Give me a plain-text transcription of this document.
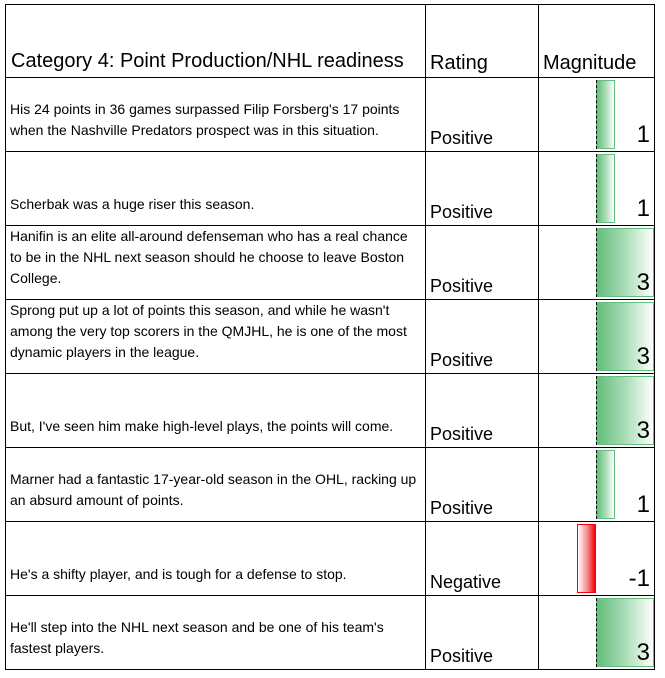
Category 4: Point Production/NHL readiness	Rating	Magnitude

His 24 points in 36 games surpassed Filip Forsberg's 17 points when the Nashville Predators prospect was in this situation.	Positive	1

Scherbak was a huge riser this season.	Positive	1

Hanifin is an elite all-around defenseman who has a real chance to be in the NHL next season should he choose to leave Boston College.	Positive	3

Sprong put up a lot of points this season, and while he wasn't among the very top scorers in the QMJHL, he is one of the most dynamic players in the league.	Positive	3

But, I've seen him make high-level plays, the points will come.	Positive	3

Marner had a fantastic 17-year-old season in the OHL, racking up an absurd amount of points.	Positive	1

He's a shifty player, and is tough for a defense to stop.	Negative	-1

He'll step into the NHL next season and be one of his team's fastest players.	Positive	3
